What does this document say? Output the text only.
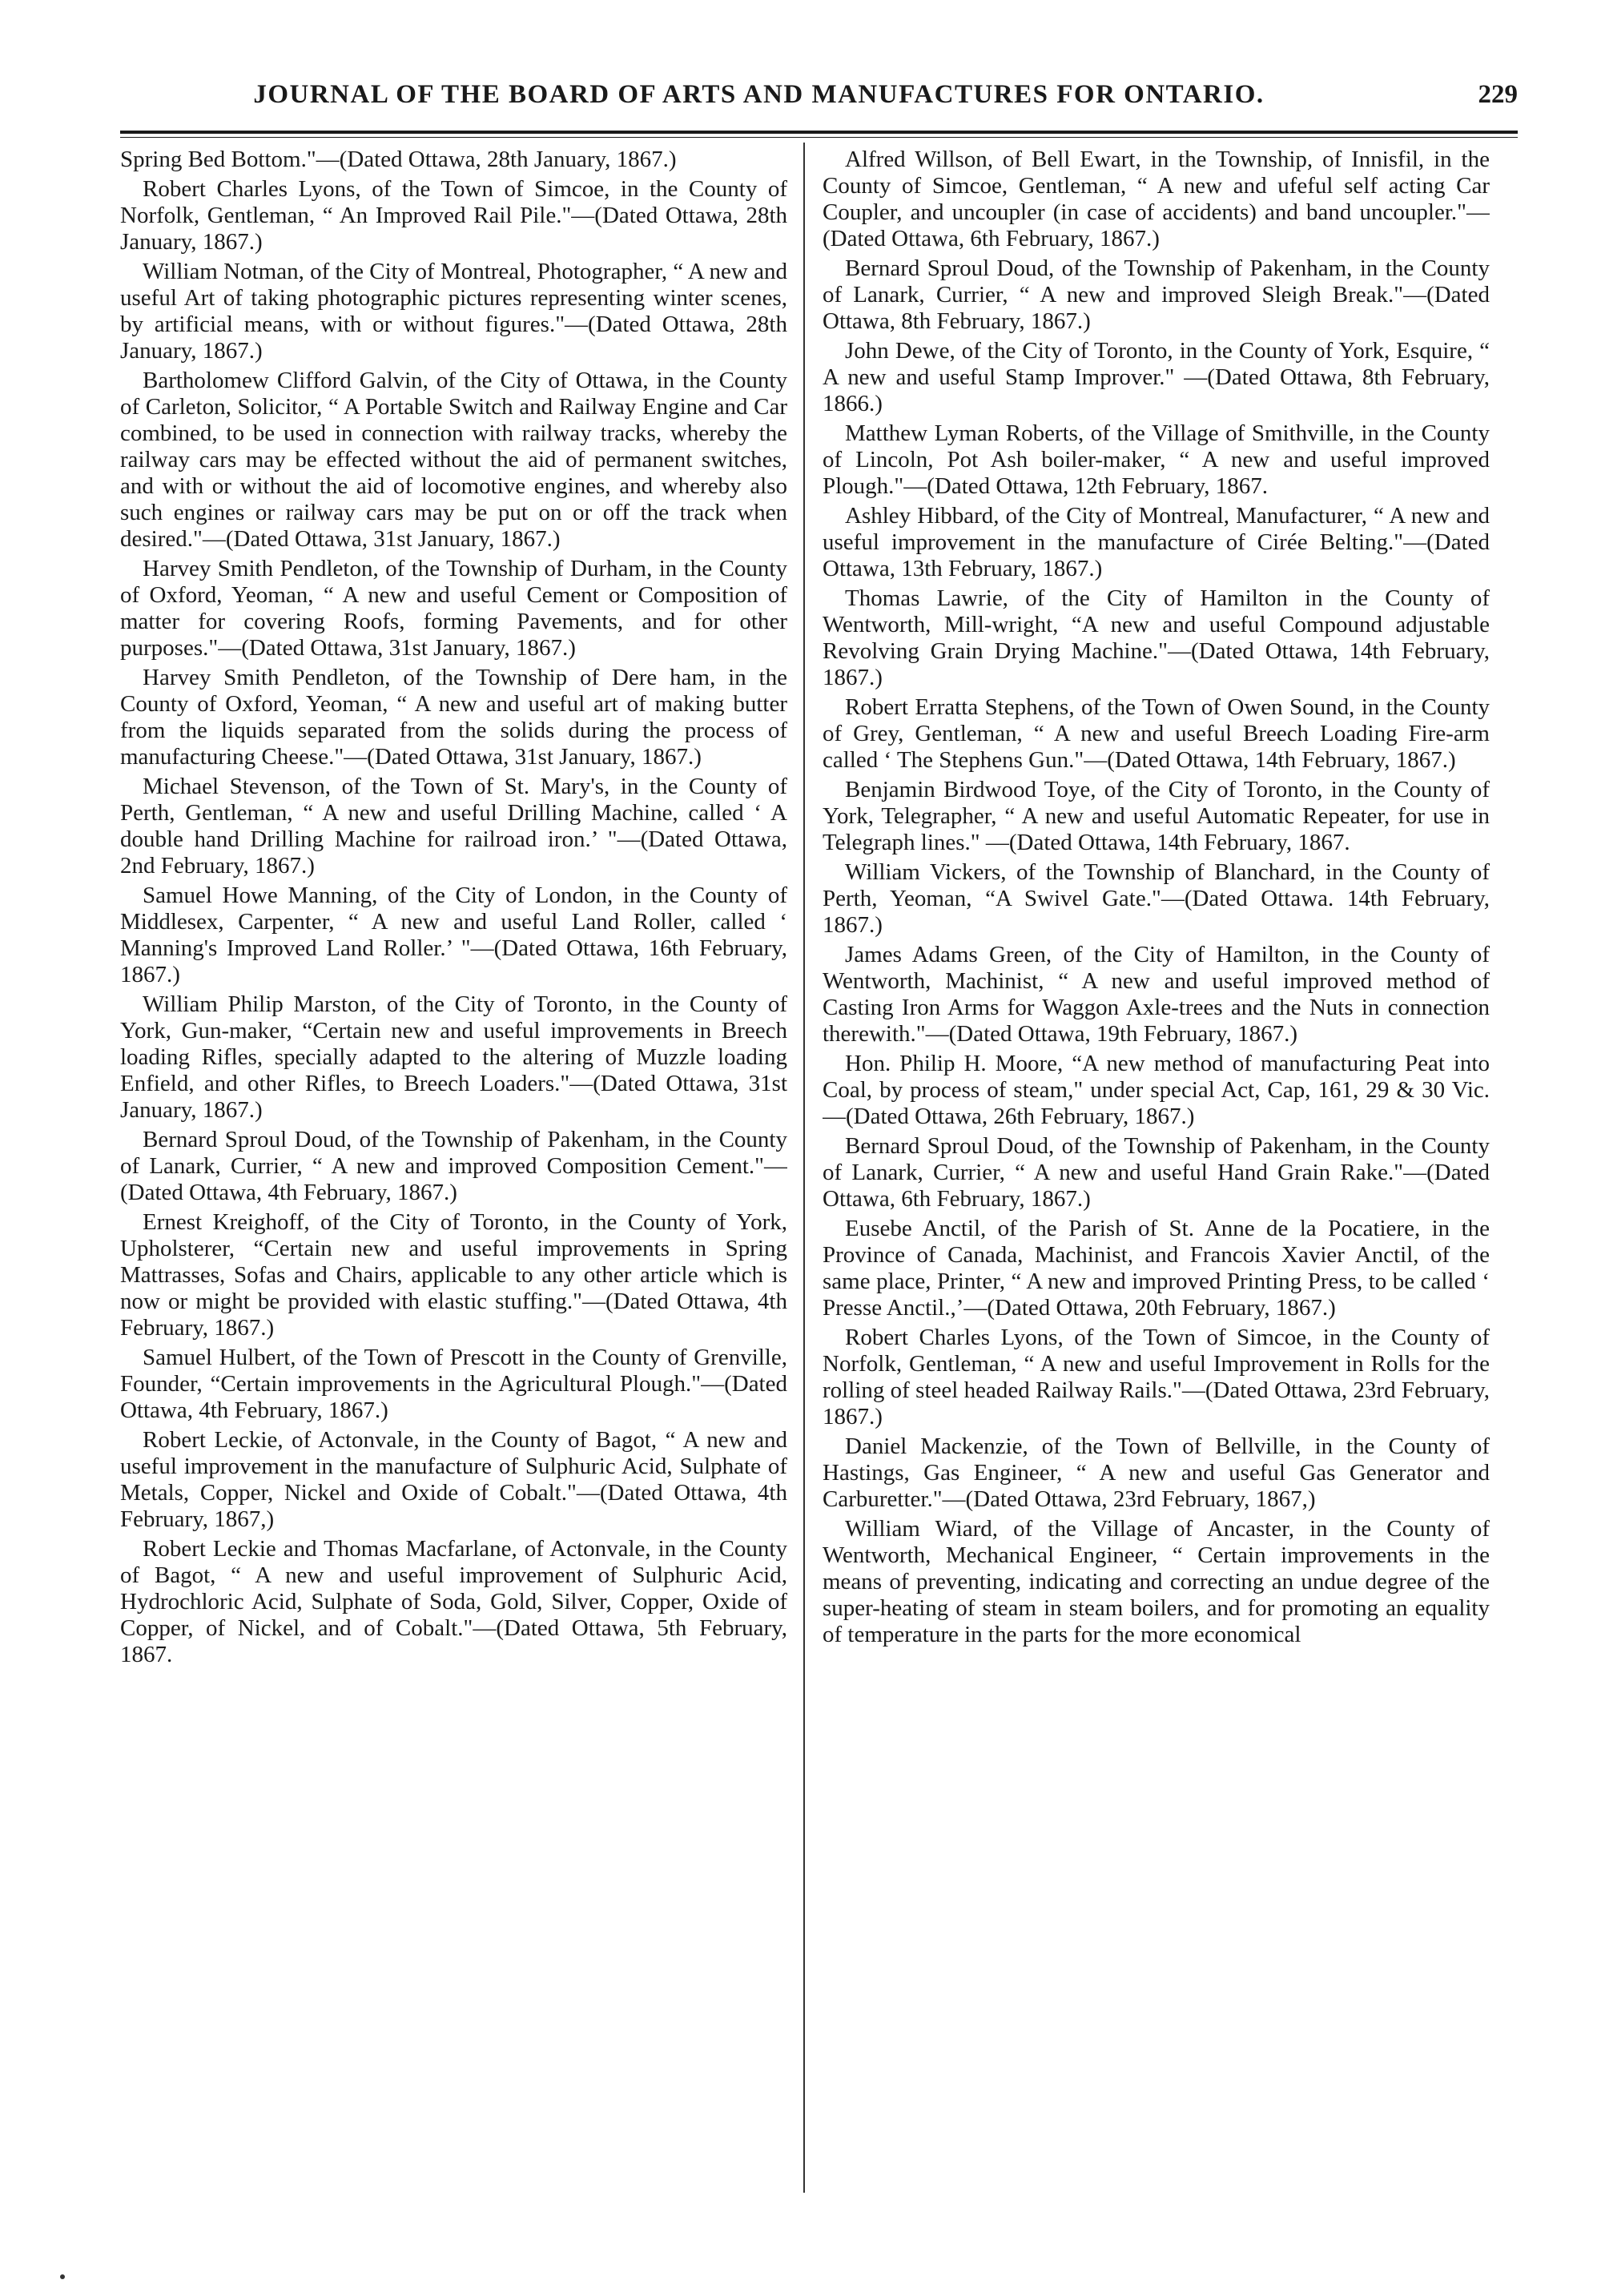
JOURNAL OF THE BOARD OF ARTS AND MANUFACTURES FOR ONTARIO.	229

Spring Bed Bottom."—(Dated Ottawa, 28th January, 1867.)

Robert Charles Lyons, of the Town of Simcoe, in the County of Norfolk, Gentleman, “ An Improved Rail Pile."—(Dated Ottawa, 28th January, 1867.)

William Notman, of the City of Montreal, Photographer, “ A new and useful Art of taking photographic pictures representing winter scenes, by artificial means, with or without figures."—(Dated Ottawa, 28th January, 1867.)

Bartholomew Clifford Galvin, of the City of Ottawa, in the County of Carleton, Solicitor, “ A Portable Switch and Railway Engine and Car combined, to be used in connection with railway tracks, whereby the railway cars may be effected without the aid of permanent switches, and with or without the aid of locomotive engines, and whereby also such engines or railway cars may be put on or off the track when desired."—(Dated Ottawa, 31st January, 1867.)

Harvey Smith Pendleton, of the Township of Durham, in the County of Oxford, Yeoman, “ A new and useful Cement or Composition of matter for covering Roofs, forming Pavements, and for other purposes."—(Dated Ottawa, 31st January, 1867.)

Harvey Smith Pendleton, of the Township of Dere ham, in the County of Oxford, Yeoman, “ A new and useful art of making butter from the liquids separated from the solids during the process of manufacturing Cheese."—(Dated Ottawa, 31st January, 1867.)

Michael Stevenson, of the Town of St. Mary's, in the County of Perth, Gentleman, “ A new and useful Drilling Machine, called ‘ A double hand Drilling Machine for railroad iron.’ "—(Dated Ottawa, 2nd February, 1867.)

Samuel Howe Manning, of the City of London, in the County of Middlesex, Carpenter, “ A new and useful Land Roller, called ‘ Manning's Improved Land Roller.’ "—(Dated Ottawa, 16th February, 1867.)

William Philip Marston, of the City of Toronto, in the County of York, Gun-maker, “Certain new and useful improvements in Breech loading Rifles, specially adapted to the altering of Muzzle loading Enfield, and other Rifles, to Breech Loaders."—(Dated Ottawa, 31st January, 1867.)

Bernard Sproul Doud, of the Township of Pakenham, in the County of Lanark, Currier, “ A new and improved Composition Cement."—(Dated Ottawa, 4th February, 1867.)

Ernest Kreighoff, of the City of Toronto, in the County of York, Upholsterer, “Certain new and useful improvements in Spring Mattrasses, Sofas and Chairs, applicable to any other article which is now or might be provided with elastic stuffing."—(Dated Ottawa, 4th February, 1867.)

Samuel Hulbert, of the Town of Prescott in the County of Grenville, Founder, “Certain improvements in the Agricultural Plough."—(Dated Ottawa, 4th February, 1867.)

Robert Leckie, of Actonvale, in the County of Bagot, “ A new and useful improvement in the manufacture of Sulphuric Acid, Sulphate of Metals, Copper, Nickel and Oxide of Cobalt."—(Dated Ottawa, 4th February, 1867,)

Robert Leckie and Thomas Macfarlane, of Actonvale, in the County of Bagot, “ A new and useful improvement of Sulphuric Acid, Hydrochloric Acid, Sulphate of Soda, Gold, Silver, Copper, Oxide of Copper, of Nickel, and of Cobalt."—(Dated Ottawa, 5th February, 1867.

Alfred Willson, of Bell Ewart, in the Township, of Innisfil, in the County of Simcoe, Gentleman, “ A new and ufeful self acting Car Coupler, and uncoupler (in case of accidents) and band uncoupler."—(Dated Ottawa, 6th February, 1867.)

Bernard Sproul Doud, of the Township of Pakenham, in the County of Lanark, Currier, “ A new and improved Sleigh Break."—(Dated Ottawa, 8th February, 1867.)

John Dewe, of the City of Toronto, in the County of York, Esquire, “ A new and useful Stamp Improver." —(Dated Ottawa, 8th February, 1866.)

Matthew Lyman Roberts, of the Village of Smithville, in the County of Lincoln, Pot Ash boiler-maker, “ A new and useful improved Plough."—(Dated Ottawa, 12th February, 1867.

Ashley Hibbard, of the City of Montreal, Manufacturer, “ A new and useful improvement in the manufacture of Cirée Belting."—(Dated Ottawa, 13th February, 1867.)

Thomas Lawrie, of the City of Hamilton in the County of Wentworth, Mill-wright, “A new and useful Compound adjustable Revolving Grain Drying Machine."—(Dated Ottawa, 14th February, 1867.)

Robert Erratta Stephens, of the Town of Owen Sound, in the County of Grey, Gentleman, “ A new and useful Breech Loading Fire-arm called ‘ The Stephens Gun."—(Dated Ottawa, 14th February, 1867.)

Benjamin Birdwood Toye, of the City of Toronto, in the County of York, Telegrapher, “ A new and useful Automatic Repeater, for use in Telegraph lines." —(Dated Ottawa, 14th February, 1867.

William Vickers, of the Township of Blanchard, in the County of Perth, Yeoman, “A Swivel Gate."—(Dated Ottawa. 14th February, 1867.)

James Adams Green, of the City of Hamilton, in the County of Wentworth, Machinist, “ A new and useful improved method of Casting Iron Arms for Waggon Axle-trees and the Nuts in connection therewith."—(Dated Ottawa, 19th February, 1867.)

Hon. Philip H. Moore, “A new method of manufacturing Peat into Coal, by process of steam," under special Act, Cap, 161, 29 & 30 Vic.—(Dated Ottawa, 26th February, 1867.)

Bernard Sproul Doud, of the Township of Pakenham, in the County of Lanark, Currier, “ A new and useful Hand Grain Rake."—(Dated Ottawa, 6th February, 1867.)

Eusebe Anctil, of the Parish of St. Anne de la Pocatiere, in the Province of Canada, Machinist, and Francois Xavier Anctil, of the same place, Printer, “ A new and improved Printing Press, to be called ‘ Presse Anctil.,’—(Dated Ottawa, 20th February, 1867.)

Robert Charles Lyons, of the Town of Simcoe, in the County of Norfolk, Gentleman, “ A new and useful Improvement in Rolls for the rolling of steel headed Railway Rails."—(Dated Ottawa, 23rd February, 1867.)

Daniel Mackenzie, of the Town of Bellville, in the County of Hastings, Gas Engineer, “ A new and useful Gas Generator and Carburetter."—(Dated Ottawa, 23rd February, 1867,)

William Wiard, of the Village of Ancaster, in the County of Wentworth, Mechanical Engineer, “ Certain improvements in the means of preventing, indicating and correcting an undue degree of the super-heating of steam in steam boilers, and for promoting an equality of temperature in the parts for the more economical
